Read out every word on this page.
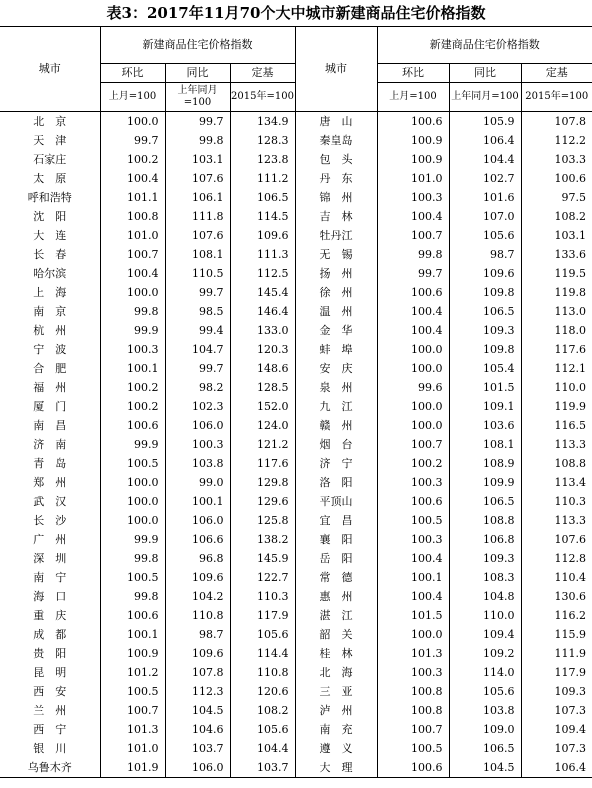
表3：2017年11月70个大中城市新建商品住宅价格指数
城市	新建商品住宅价格指数			城市	新建商品住宅价格指数		
	环比	同比	定基		环比	同比	定基
	上月=100	上年同月=100	2015年=100		上月=100	上年同月=100	2015年=100
北　京	100.0	99.7	134.9	唐　山	100.6	105.9	107.8
天　津	99.7	99.8	128.3	秦皇岛	100.9	106.4	112.2
石家庄	100.2	103.1	123.8	包　头	100.9	104.4	103.3
太　原	100.4	107.6	111.2	丹　东	101.0	102.7	100.6
呼和浩特	101.1	106.1	106.5	锦　州	100.3	101.6	97.5
沈　阳	100.8	111.8	114.5	吉　林	100.4	107.0	108.2
大　连	101.0	107.6	109.6	牡丹江	100.7	105.6	103.1
长　春	100.7	108.1	111.3	无　锡	99.8	98.7	133.6
哈尔滨	100.4	110.5	112.5	扬　州	99.7	109.6	119.5
上　海	100.0	99.7	145.4	徐　州	100.6	109.8	119.8
南　京	99.8	98.5	146.4	温　州	100.4	106.5	113.0
杭　州	99.9	99.4	133.0	金　华	100.4	109.3	118.0
宁　波	100.3	104.7	120.3	蚌　埠	100.0	109.8	117.6
合　肥	100.1	99.7	148.6	安　庆	100.0	105.4	112.1
福　州	100.2	98.2	128.5	泉　州	99.6	101.5	110.0
厦　门	100.2	102.3	152.0	九　江	100.0	109.1	119.9
南　昌	100.6	106.0	124.0	赣　州	100.0	103.6	116.5
济　南	99.9	100.3	121.2	烟　台	100.7	108.1	113.3
青　岛	100.5	103.8	117.6	济　宁	100.2	108.9	108.8
郑　州	100.0	99.0	129.8	洛　阳	100.3	109.9	113.4
武　汉	100.0	100.1	129.6	平顶山	100.6	106.5	110.3
长　沙	100.0	106.0	125.8	宜　昌	100.5	108.8	113.3
广　州	99.9	106.6	138.2	襄　阳	100.3	106.8	107.6
深　圳	99.8	96.8	145.9	岳　阳	100.4	109.3	112.8
南　宁	100.5	109.6	122.7	常　德	100.1	108.3	110.4
海　口	99.8	104.2	110.3	惠　州	100.4	104.8	130.6
重　庆	100.6	110.8	117.9	湛　江	101.5	110.0	116.2
成　都	100.1	98.7	105.6	韶　关	100.0	109.4	115.9
贵　阳	100.9	109.6	114.4	桂　林	101.3	109.2	111.9
昆　明	101.2	107.8	110.8	北　海	100.3	114.0	117.9
西　安	100.5	112.3	120.6	三　亚	100.8	105.6	109.3
兰　州	100.7	104.5	108.2	泸　州	100.8	103.8	107.3
西　宁	101.3	104.6	105.6	南　充	100.7	109.0	109.4
银　川	101.0	103.7	104.4	遵　义	100.5	106.5	107.3
乌鲁木齐	101.9	106.0	103.7	大　理	100.6	104.5	106.4
